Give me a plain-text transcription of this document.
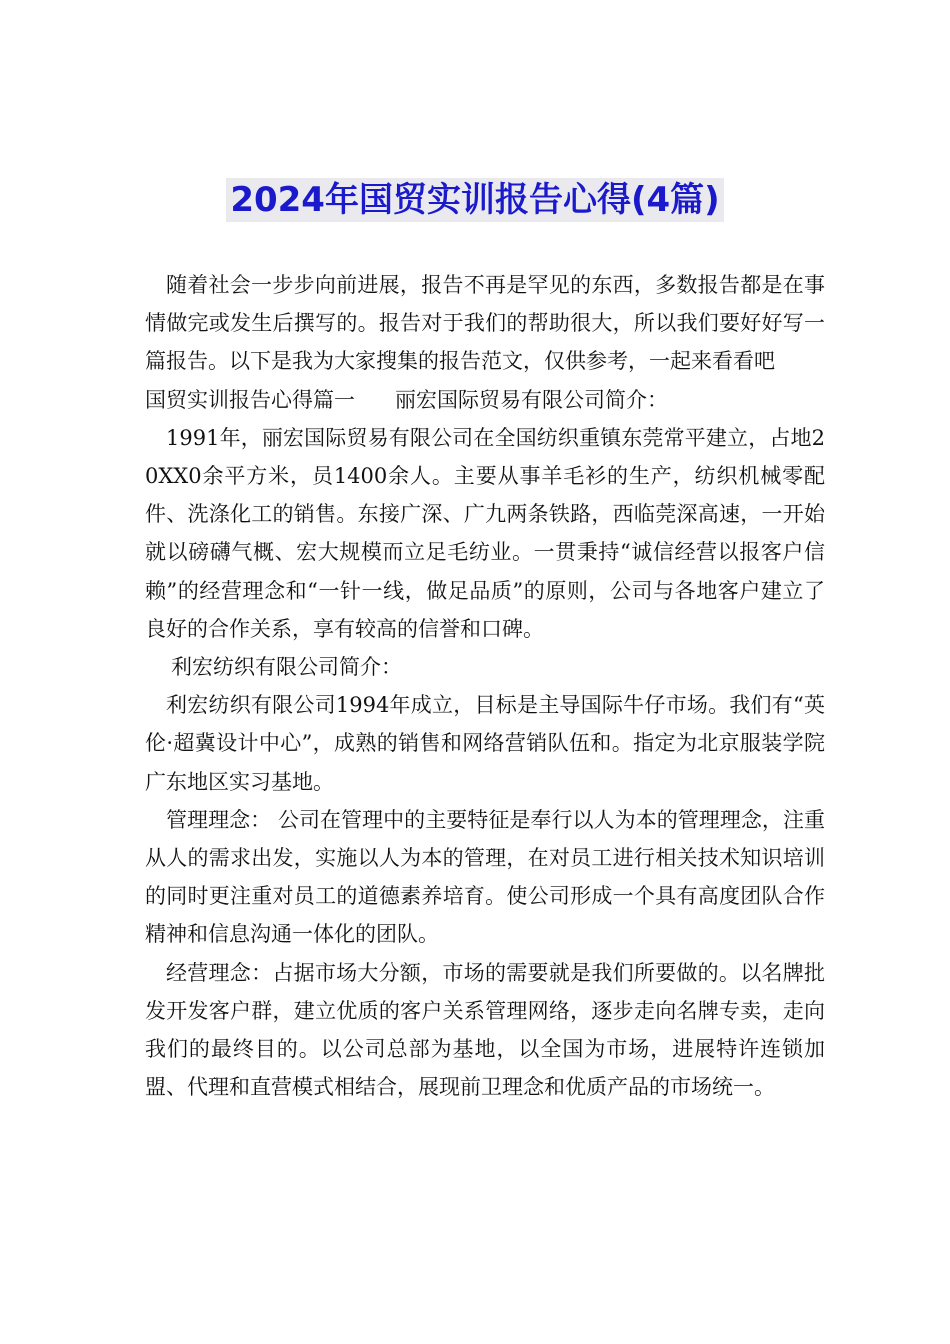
2024年国贸实训报告心得(4篇)

随着社会一步步向前进展，报告不再是罕见的东西，多数报告都是在事情做完或发生后撰写的。报告对于我们的帮助很大，所以我们要好好写一篇报告。以下是我为大家搜集的报告范文，仅供参考，一起来看看吧

国贸实训报告心得篇一 丽宏国际贸易有限公司简介：

1991年，丽宏国际贸易有限公司在全国纺织重镇东莞常平建立，占地20XX0余平方米，员1400余人。主要从事羊毛衫的生产，纺织机械零配件、洗涤化工的销售。东接广深、广九两条铁路，西临莞深高速，一开始就以磅礴气概、宏大规模而立足毛纺业。一贯秉持“诚信经营以报客户信赖”的经营理念和“一针一线，做足品质”的原则，公司与各地客户建立了良好的合作关系，享有较高的信誉和口碑。

利宏纺织有限公司简介：

利宏纺织有限公司1994年成立，目标是主导国际牛仔市场。我们有“英伦·超冀设计中心”，成熟的销售和网络营销队伍和。指定为北京服装学院广东地区实习基地。

管理理念： 公司在管理中的主要特征是奉行以人为本的管理理念，注重从人的需求出发，实施以人为本的管理，在对员工进行相关技术知识培训的同时更注重对员工的道德素养培育。使公司形成一个具有高度团队合作精神和信息沟通一体化的团队。

经营理念：占据市场大分额，市场的需要就是我们所要做的。以名牌批发开发客户群，建立优质的客户关系管理网络，逐步走向名牌专卖，走向我们的最终目的。以公司总部为基地，以全国为市场，进展特许连锁加盟、代理和直营模式相结合，展现前卫理念和优质产品的市场统一。
